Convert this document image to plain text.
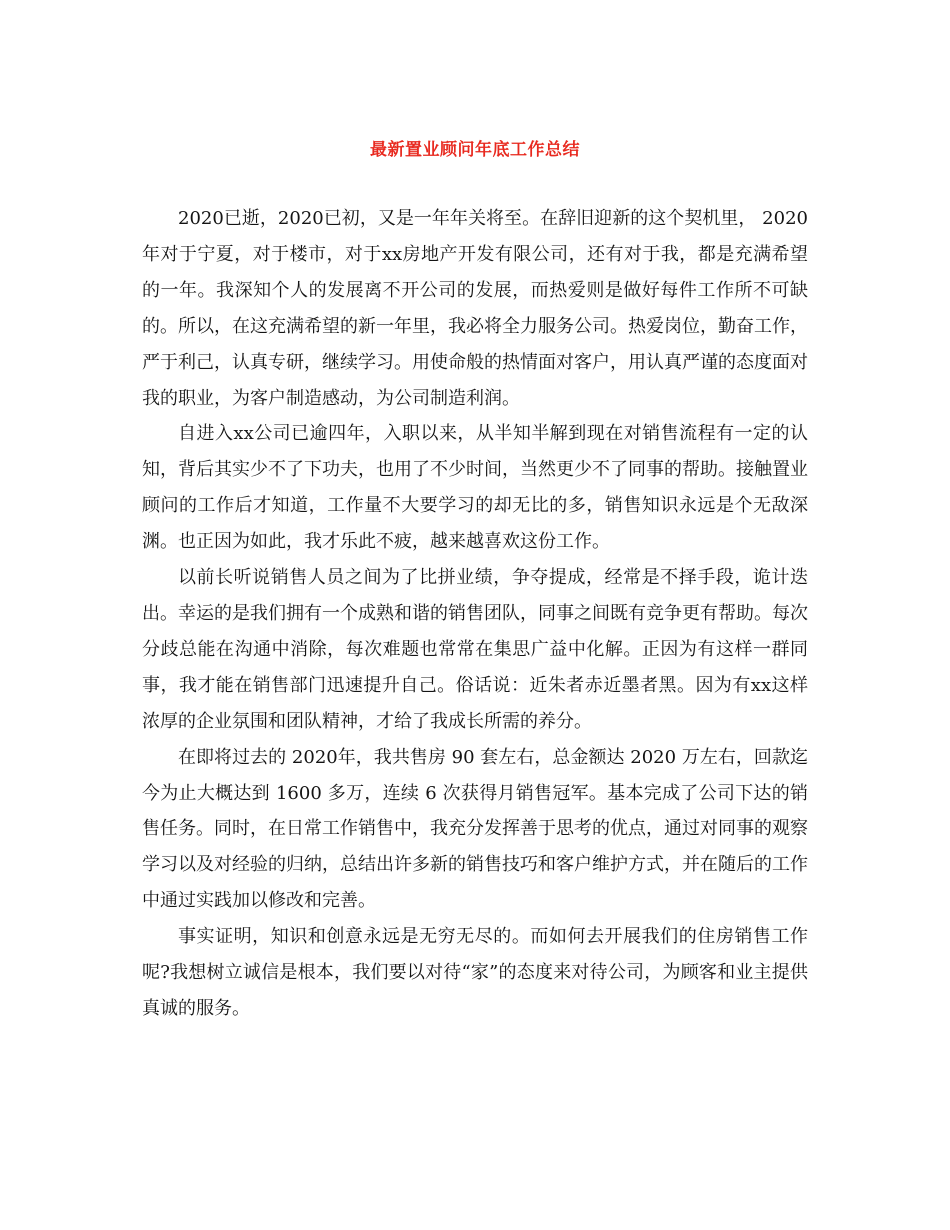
最新置业顾问年底工作总结

2020已逝，2020已初，又是一年年关将至。在辞旧迎新的这个契机里， 2020年对于宁夏，对于楼市，对于xx房地产开发有限公司，还有对于我，都是充满希望的一年。我深知个人的发展离不开公司的发展，而热爱则是做好每件工作所不可缺的。所以，在这充满希望的新一年里，我必将全力服务公司。热爱岗位，勤奋工作，严于利己，认真专研，继续学习。用使命般的热情面对客户，用认真严谨的态度面对我的职业，为客户制造感动，为公司制造利润。

自进入xx公司已逾四年，入职以来，从半知半解到现在对销售流程有一定的认知，背后其实少不了下功夫，也用了不少时间，当然更少不了同事的帮助。接触置业顾问的工作后才知道，工作量不大要学习的却无比的多，销售知识永远是个无敌深渊。也正因为如此，我才乐此不疲，越来越喜欢这份工作。

以前长听说销售人员之间为了比拼业绩，争夺提成，经常是不择手段，诡计迭出。幸运的是我们拥有一个成熟和谐的销售团队，同事之间既有竞争更有帮助。每次分歧总能在沟通中消除，每次难题也常常在集思广益中化解。正因为有这样一群同事，我才能在销售部门迅速提升自己。俗话说：近朱者赤近墨者黑。因为有xx这样浓厚的企业氛围和团队精神，才给了我成长所需的养分。

在即将过去的 2020年，我共售房 90 套左右，总金额达 2020 万左右，回款迄今为止大概达到 1600 多万，连续 6 次获得月销售冠军。基本完成了公司下达的销售任务。同时，在日常工作销售中，我充分发挥善于思考的优点，通过对同事的观察学习以及对经验的归纳，总结出许多新的销售技巧和客户维护方式，并在随后的工作中通过实践加以修改和完善。

事实证明，知识和创意永远是无穷无尽的。而如何去开展我们的住房销售工作呢?我想树立诚信是根本，我们要以对待“家”的态度来对待公司，为顾客和业主提供真诚的服务。
